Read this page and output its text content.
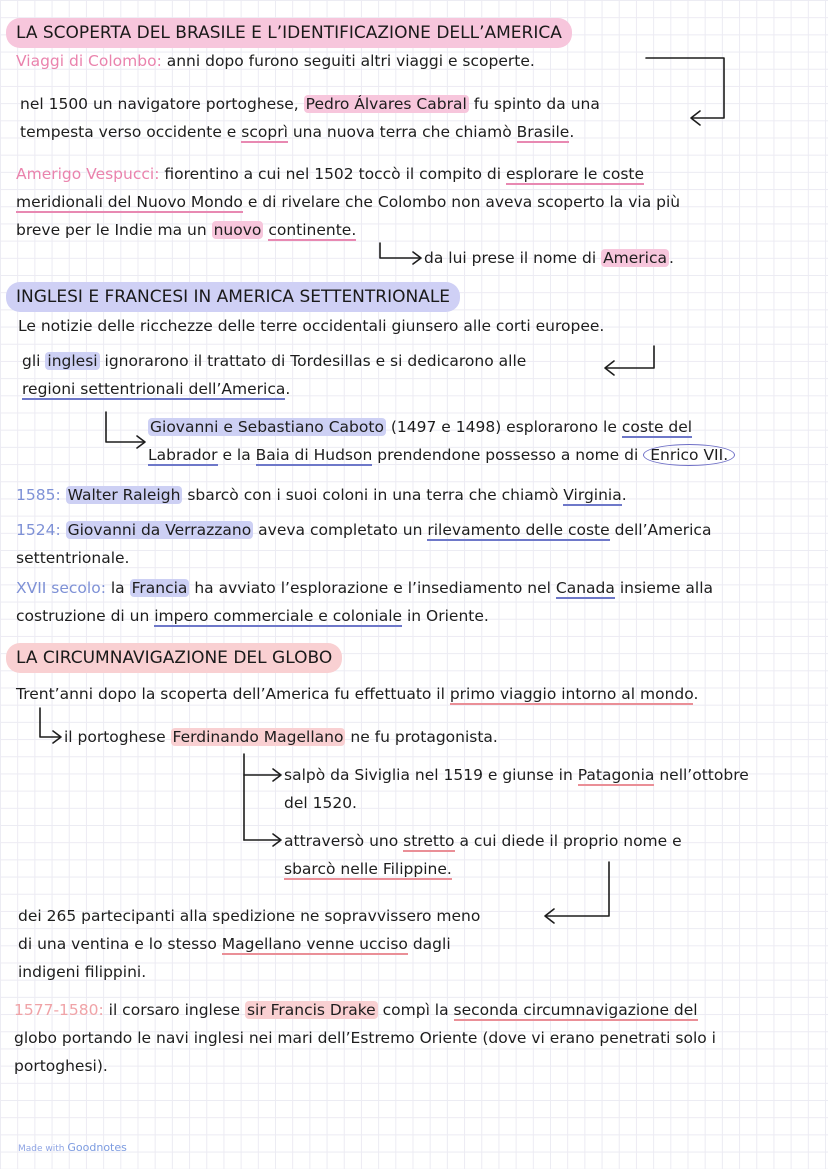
LA SCOPERTA DEL BRASILE E L’IDENTIFICAZIONE DELL’AMERICA
Viaggi di Colombo: anni dopo furono seguiti altri viaggi e scoperte.
nel 1500 un navigatore portoghese, Pedro Álvares Cabral fu spinto da una
tempesta verso occidente e scoprì una nuova terra che chiamò Brasile.
Amerigo Vespucci: fiorentino a cui nel 1502 toccò il compito di esplorare le coste
meridionali del Nuovo Mondo e di rivelare che Colombo non aveva scoperto la via più
breve per le Indie ma un nuovo continente.
da lui prese il nome di America .
INGLESI E FRANCESI IN AMERICA SETTENTRIONALE
Le notizie delle ricchezze delle terre occidentali giunsero alle corti europee.
gli inglesi ignorarono il trattato di Tordesillas e si dedicarono alle
regioni settentrionali dell’America.
Giovanni e Sebastiano Caboto (1497 e 1498) esplorarono le coste del
Labrador e la Baia di Hudson prendendone possesso a nome di Enrico VII.
1585: Walter Raleigh sbarcò con i suoi coloni in una terra che chiamò Virginia.
1524: Giovanni da Verrazzano aveva completato un rilevamento delle coste dell’America
settentrionale.
XVII secolo: la Francia ha avviato l’esplorazione e l’insediamento nel Canada insieme alla
costruzione di un impero commerciale e coloniale in Oriente.
LA CIRCUMNAVIGAZIONE DEL GLOBO
Trent’anni dopo la scoperta dell’America fu effettuato il primo viaggio intorno al mondo.
il portoghese Ferdinando Magellano ne fu protagonista.
salpò da Siviglia nel 1519 e giunse in Patagonia nell’ottobre
del 1520.
attraversò uno stretto a cui diede il proprio nome e
sbarcò nelle Filippine.
dei 265 partecipanti alla spedizione ne sopravvissero meno
di una ventina e lo stesso Magellano venne ucciso dagli
indigeni filippini.
1577-1580: il corsaro inglese sir Francis Drake compì la seconda circumnavigazione del
globo portando le navi inglesi nei mari dell’Estremo Oriente (dove vi erano penetrati solo i
portoghesi).
Made with Goodnotes
